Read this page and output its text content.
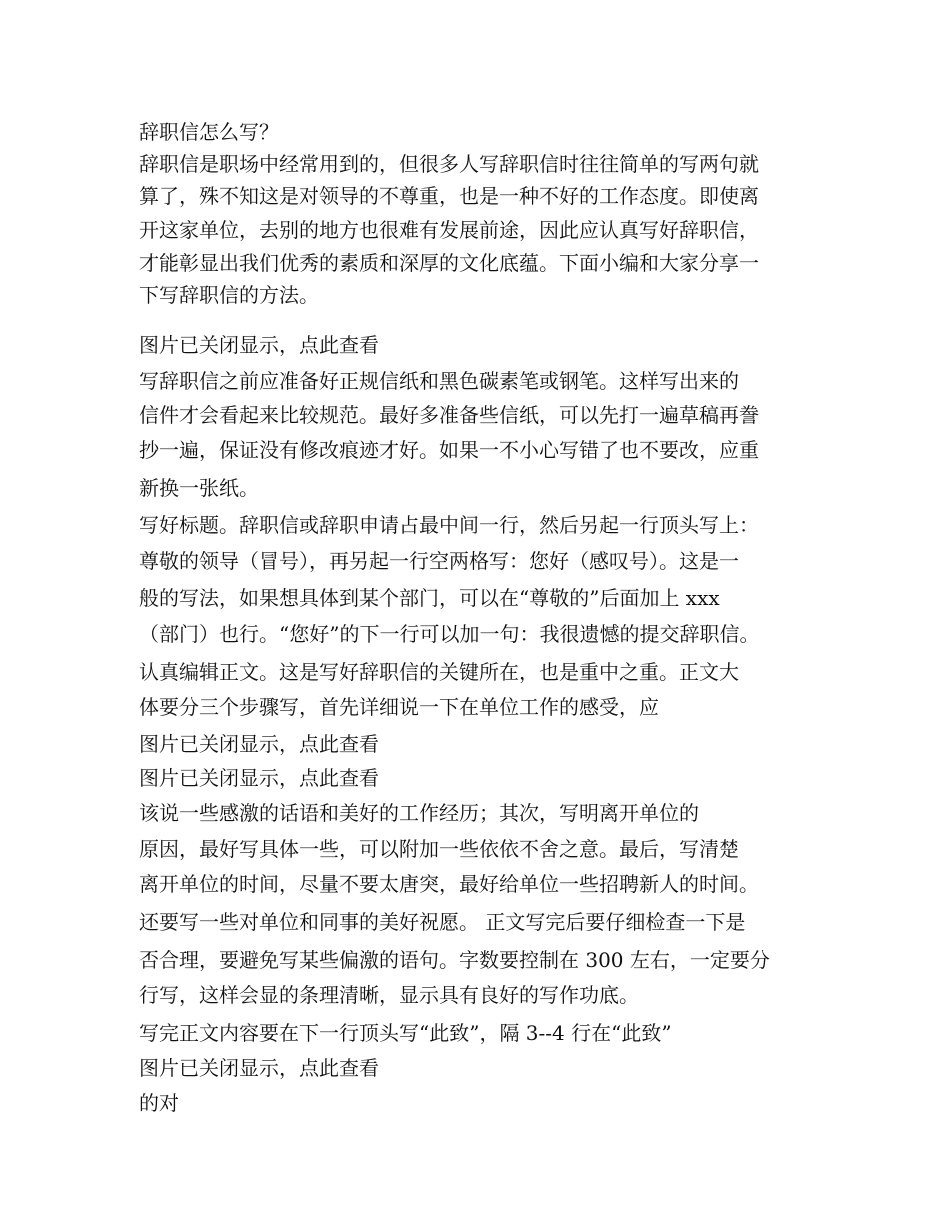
辞职信怎么写？
辞职信是职场中经常用到的，但很多人写辞职信时往往简单的写两句就
算了，殊不知这是对领导的不尊重，也是一种不好的工作态度。即使离
开这家单位，去别的地方也很难有发展前途，因此应认真写好辞职信，
才能彰显出我们优秀的素质和深厚的文化底蕴。下面小编和大家分享一
下写辞职信的方法。
图片已关闭显示，点此查看
写辞职信之前应准备好正规信纸和黑色碳素笔或钢笔。这样写出来的
信件才会看起来比较规范。最好多准备些信纸，可以先打一遍草稿再誊
抄一遍，保证没有修改痕迹才好。如果一不小心写错了也不要改，应重
新换一张纸。
写好标题。辞职信或辞职申请占最中间一行，然后另起一行顶头写上：
尊敬的领导（冒号），再另起一行空两格写：您好（感叹号）。这是一
般的写法，如果想具体到某个部门，可以在“尊敬的”后面加上 xxx
（部门）也行。“您好”的下一行可以加一句：我很遗憾的提交辞职信。
认真编辑正文。这是写好辞职信的关键所在，也是重中之重。正文大
体要分三个步骤写，首先详细说一下在单位工作的感受，应
图片已关闭显示，点此查看
图片已关闭显示，点此查看
该说一些感激的话语和美好的工作经历；其次，写明离开单位的
原因，最好写具体一些，可以附加一些依依不舍之意。最后，写清楚
离开单位的时间，尽量不要太唐突，最好给单位一些招聘新人的时间。
还要写一些对单位和同事的美好祝愿。 正文写完后要仔细检查一下是
否合理，要避免写某些偏激的语句。字数要控制在 300 左右，一定要分
行写，这样会显的条理清晰，显示具有良好的写作功底。
写完正文内容要在下一行顶头写“此致”，隔 3--4 行在“此致”
图片已关闭显示，点此查看
的对
